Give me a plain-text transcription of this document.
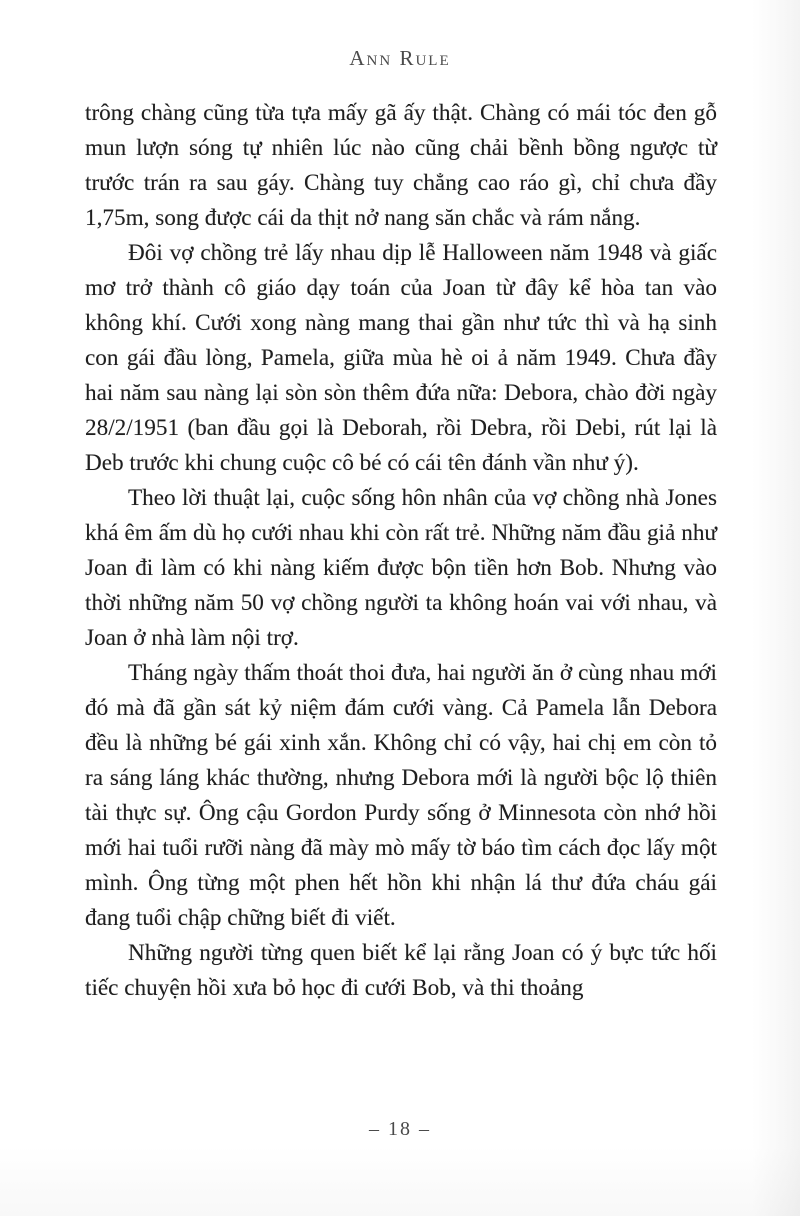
Ann Rule

trông chàng cũng từa tựa mấy gã ấy thật. Chàng có mái tóc đen gỗ mun lượn sóng tự nhiên lúc nào cũng chải bềnh bồng ngược từ trước trán ra sau gáy. Chàng tuy chẳng cao ráo gì, chỉ chưa đầy 1,75m, song được cái da thịt nở nang săn chắc và rám nắng.

Đôi vợ chồng trẻ lấy nhau dịp lễ Halloween năm 1948 và giấc mơ trở thành cô giáo dạy toán của Joan từ đây kể hòa tan vào không khí. Cưới xong nàng mang thai gần như tức thì và hạ sinh con gái đầu lòng, Pamela, giữa mùa hè oi ả năm 1949. Chưa đầy hai năm sau nàng lại sòn sòn thêm đứa nữa: Debora, chào đời ngày 28/2/1951 (ban đầu gọi là Deborah, rồi Debra, rồi Debi, rút lại là Deb trước khi chung cuộc cô bé có cái tên đánh vần như ý).

Theo lời thuật lại, cuộc sống hôn nhân của vợ chồng nhà Jones khá êm ấm dù họ cưới nhau khi còn rất trẻ. Những năm đầu giả như Joan đi làm có khi nàng kiếm được bộn tiền hơn Bob. Nhưng vào thời những năm 50 vợ chồng người ta không hoán vai với nhau, và Joan ở nhà làm nội trợ.

Tháng ngày thấm thoát thoi đưa, hai người ăn ở cùng nhau mới đó mà đã gần sát kỷ niệm đám cưới vàng. Cả Pamela lẫn Debora đều là những bé gái xinh xắn. Không chỉ có vậy, hai chị em còn tỏ ra sáng láng khác thường, nhưng Debora mới là người bộc lộ thiên tài thực sự. Ông cậu Gordon Purdy sống ở Minnesota còn nhớ hồi mới hai tuổi rưỡi nàng đã mày mò mấy tờ báo tìm cách đọc lấy một mình. Ông từng một phen hết hồn khi nhận lá thư đứa cháu gái đang tuổi chập chững biết đi viết.

Những người từng quen biết kể lại rằng Joan có ý bực tức hối tiếc chuyện hồi xưa bỏ học đi cưới Bob, và thi thoảng

– 18 –
